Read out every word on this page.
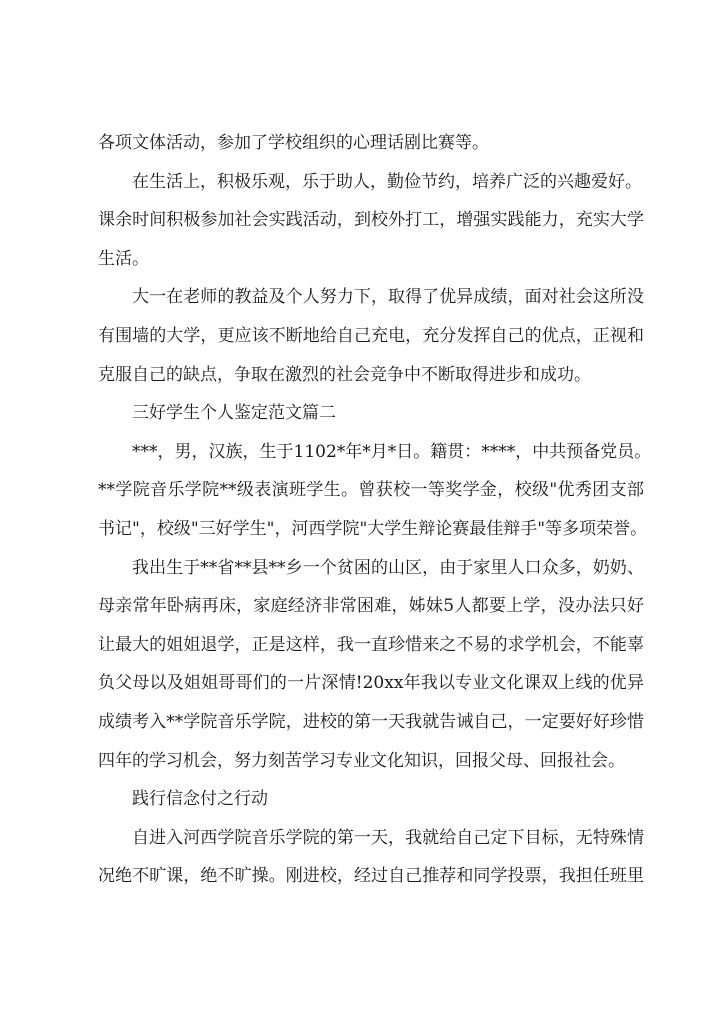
各项文体活动，参加了学校组织的心理话剧比赛等。
在生活上，积极乐观，乐于助人，勤俭节约，培养广泛的兴趣爱好。
课余时间积极参加社会实践活动，到校外打工，增强实践能力，充实大学
生活。
大一在老师的教益及个人努力下，取得了优异成绩，面对社会这所没
有围墙的大学，更应该不断地给自己充电，充分发挥自己的优点，正视和
克服自己的缺点，争取在激烈的社会竞争中不断取得进步和成功。
三好学生个人鉴定范文篇二
***，男，汉族，生于1102*年*月*日。籍贯：****，中共预备党员。
**学院音乐学院**级表演班学生。曾获校一等奖学金，校级"优秀团支部
书记"，校级"三好学生"，河西学院"大学生辩论赛最佳辩手"等多项荣誉。
我出生于**省**县**乡一个贫困的山区，由于家里人口众多，奶奶、
母亲常年卧病再床，家庭经济非常困难，姊妹5人都要上学，没办法只好
让最大的姐姐退学，正是这样，我一直珍惜来之不易的求学机会，不能辜
负父母以及姐姐哥哥们的一片深情!20xx年我以专业文化课双上线的优异
成绩考入**学院音乐学院，进校的第一天我就告诫自己，一定要好好珍惜
四年的学习机会，努力刻苦学习专业文化知识，回报父母、回报社会。
践行信念付之行动
自进入河西学院音乐学院的第一天，我就给自己定下目标，无特殊情
况绝不旷课，绝不旷操。刚进校，经过自己推荐和同学投票，我担任班里
